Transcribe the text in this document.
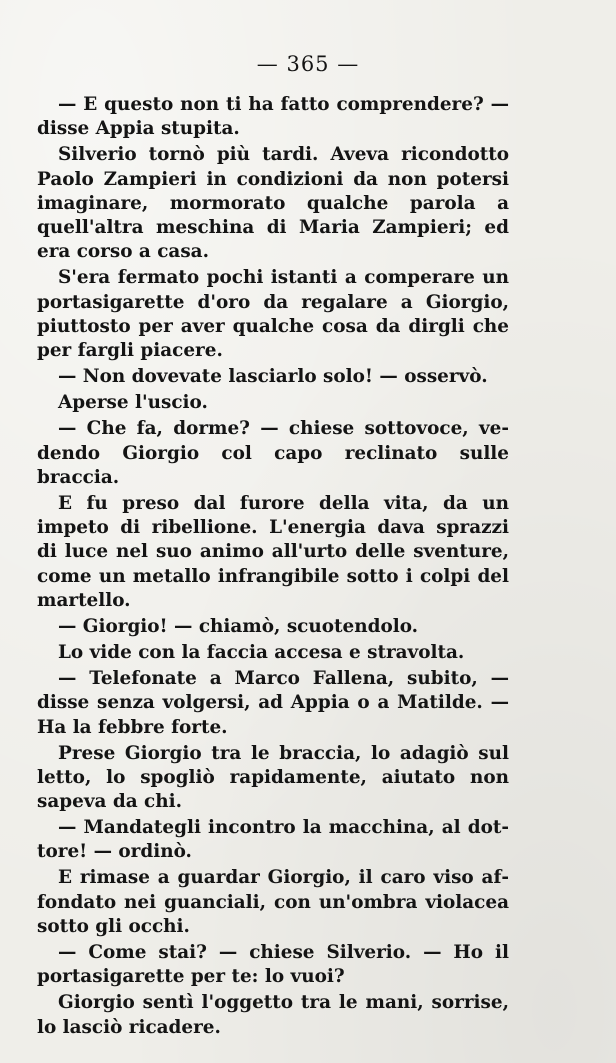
— 365 —

— E questo non ti ha fatto comprendere? — disse Appia stupita.

Silverio tornò più tardi. Aveva ricondotto Paolo Zampieri in condizioni da non potersi imaginare, mormorato qualche parola a quell'altra meschina di Maria Zampieri; ed era corso a casa.

S'era fermato pochi istanti a comperare un portasigarette d'oro da regalare a Giorgio, piuttosto per aver qualche cosa da dirgli che per fargli piacere.

— Non dovevate lasciarlo solo! — osservò.

Aperse l'uscio.

— Che fa, dorme? — chiese sottovoce, vedendo Giorgio col capo reclinato sulle braccia.

E fu preso dal furore della vita, da un impeto di ribellione. L'energia dava sprazzi di luce nel suo animo all'urto delle sventure, come un metallo infrangibile sotto i colpi del martello.

— Giorgio! — chiamò, scuotendolo.

Lo vide con la faccia accesa e stravolta.

— Telefonate a Marco Fallena, subito, — disse senza volgersi, ad Appia o a Matilde. — Ha la febbre forte.

Prese Giorgio tra le braccia, lo adagiò sul letto, lo spogliò rapidamente, aiutato non sapeva da chi.

— Mandategli incontro la macchina, al dottore! — ordinò.

E rimase a guardar Giorgio, il caro viso affondato nei guanciali, con un'ombra violacea sotto gli occhi.

— Come stai? — chiese Silverio. — Ho il portasigarette per te: lo vuoi?

Giorgio sentì l'oggetto tra le mani, sorrise, lo lasciò ricadere.
